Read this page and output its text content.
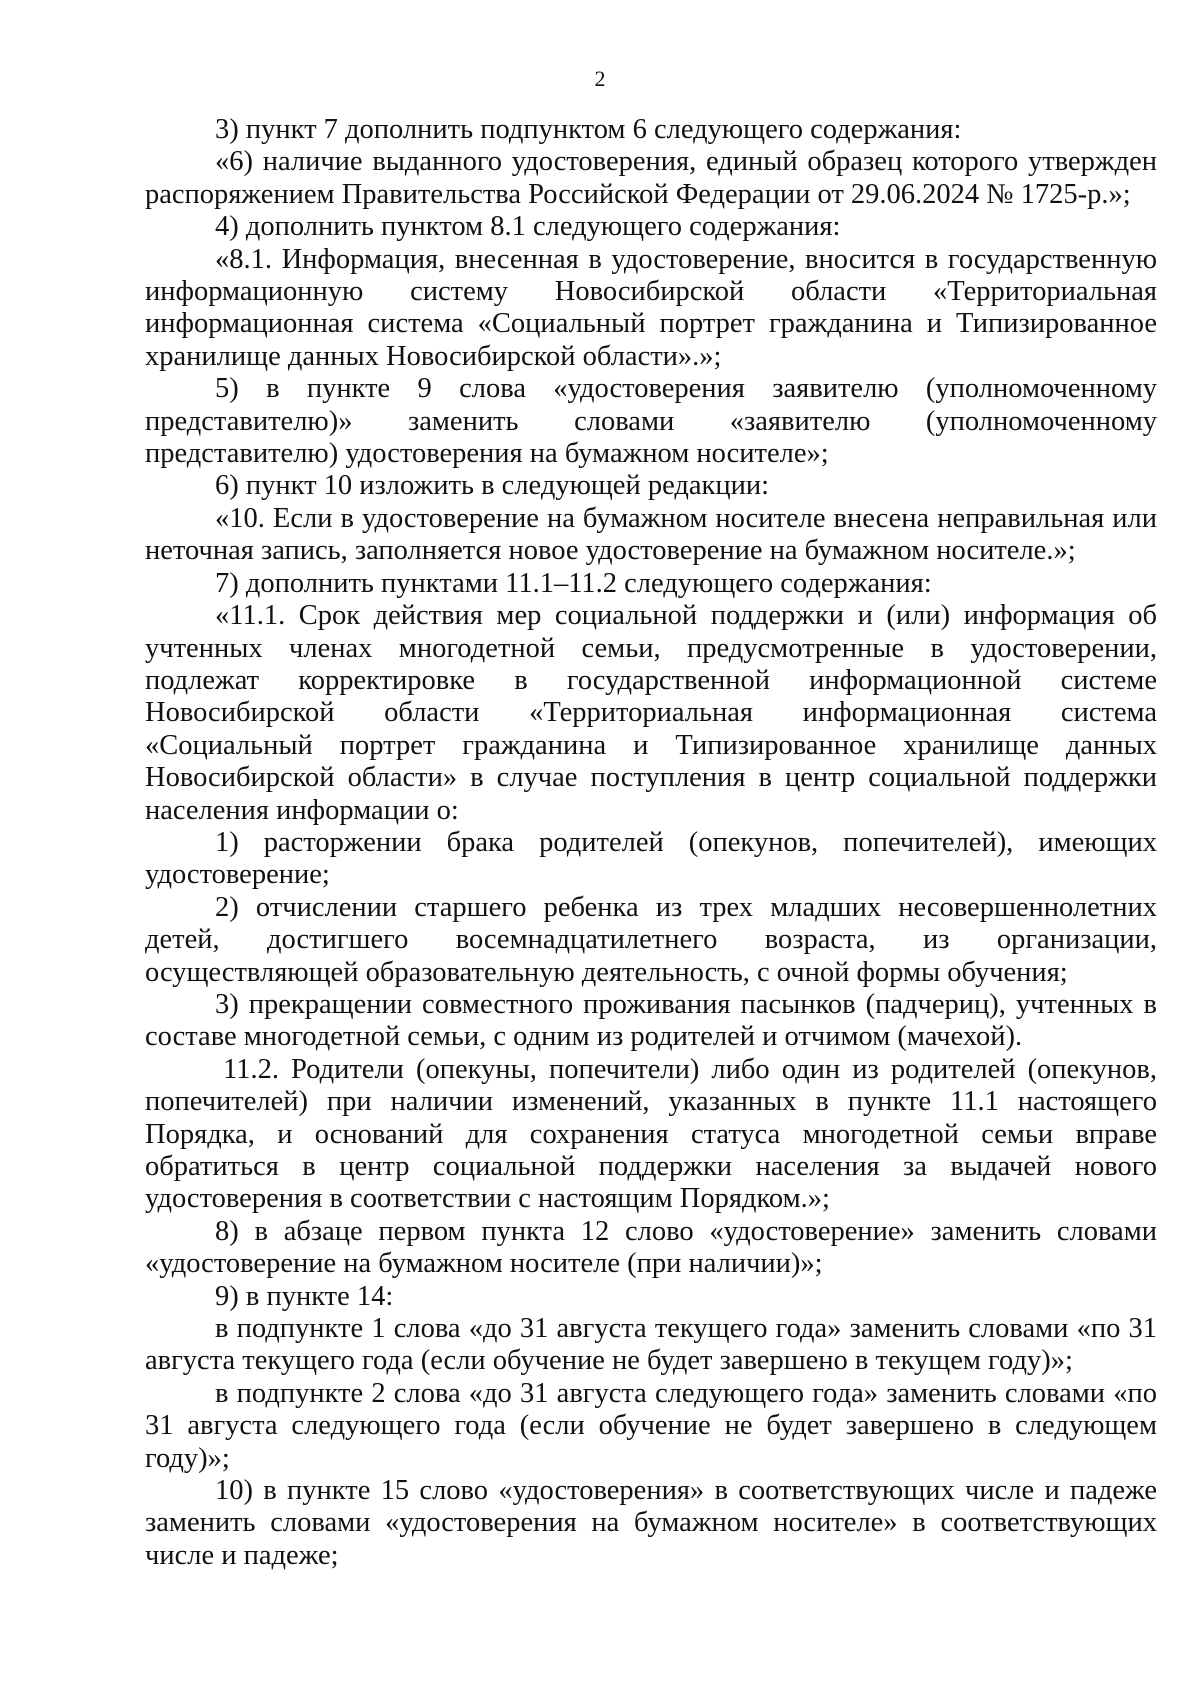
2

3) пункт 7 дополнить подпунктом 6 следующего содержания:

«6) наличие выданного удостоверения, единый образец которого утвержден распоряжением Правительства Российской Федерации от 29.06.2024 № 1725-р.»;

4) дополнить пунктом 8.1 следующего содержания:

«8.1. Информация, внесенная в удостоверение, вносится в государственную информационную систему Новосибирской области «Территориальная информационная система «Социальный портрет гражданина и Типизированное хранилище данных Новосибирской области».»;

5) в пункте 9 слова «удостоверения заявителю (уполномоченному представителю)» заменить словами «заявителю (уполномоченному представителю) удостоверения на бумажном носителе»;

6) пункт 10 изложить в следующей редакции:

«10. Если в удостоверение на бумажном носителе внесена неправильная или неточная запись, заполняется новое удостоверение на бумажном носителе.»;

7) дополнить пунктами 11.1–11.2 следующего содержания:

«11.1. Срок действия мер социальной поддержки и (или) информация об учтенных членах многодетной семьи, предусмотренные в удостоверении, подлежат корректировке в государственной информационной системе Новосибирской области «Территориальная информационная система «Социальный портрет гражданина и Типизированное хранилище данных Новосибирской области» в случае поступления в центр социальной поддержки населения информации о:

1) расторжении брака родителей (опекунов, попечителей), имеющих удостоверение;

2) отчислении старшего ребенка из трех младших несовершеннолетних детей, достигшего восемнадцатилетнего возраста, из организации, осуществляющей образовательную деятельность, с очной формы обучения;

3) прекращении совместного проживания пасынков (падчериц), учтенных в составе многодетной семьи, с одним из родителей и отчимом (мачехой).

11.2. Родители (опекуны, попечители) либо один из родителей (опекунов, попечителей) при наличии изменений, указанных в пункте 11.1 настоящего Порядка, и оснований для сохранения статуса многодетной семьи вправе обратиться в центр социальной поддержки населения за выдачей нового удостоверения в соответствии с настоящим Порядком.»;

8) в абзаце первом пункта 12 слово «удостоверение» заменить словами «удостоверение на бумажном носителе (при наличии)»;

9) в пункте 14:

в подпункте 1 слова «до 31 августа текущего года» заменить словами «по 31 августа текущего года (если обучение не будет завершено в текущем году)»;

в подпункте 2 слова «до 31 августа следующего года» заменить словами «по 31 августа следующего года (если обучение не будет завершено в следующем году)»;

10) в пункте 15 слово «удостоверения» в соответствующих числе и падеже заменить словами «удостоверения на бумажном носителе» в соответствующих числе и падеже;
